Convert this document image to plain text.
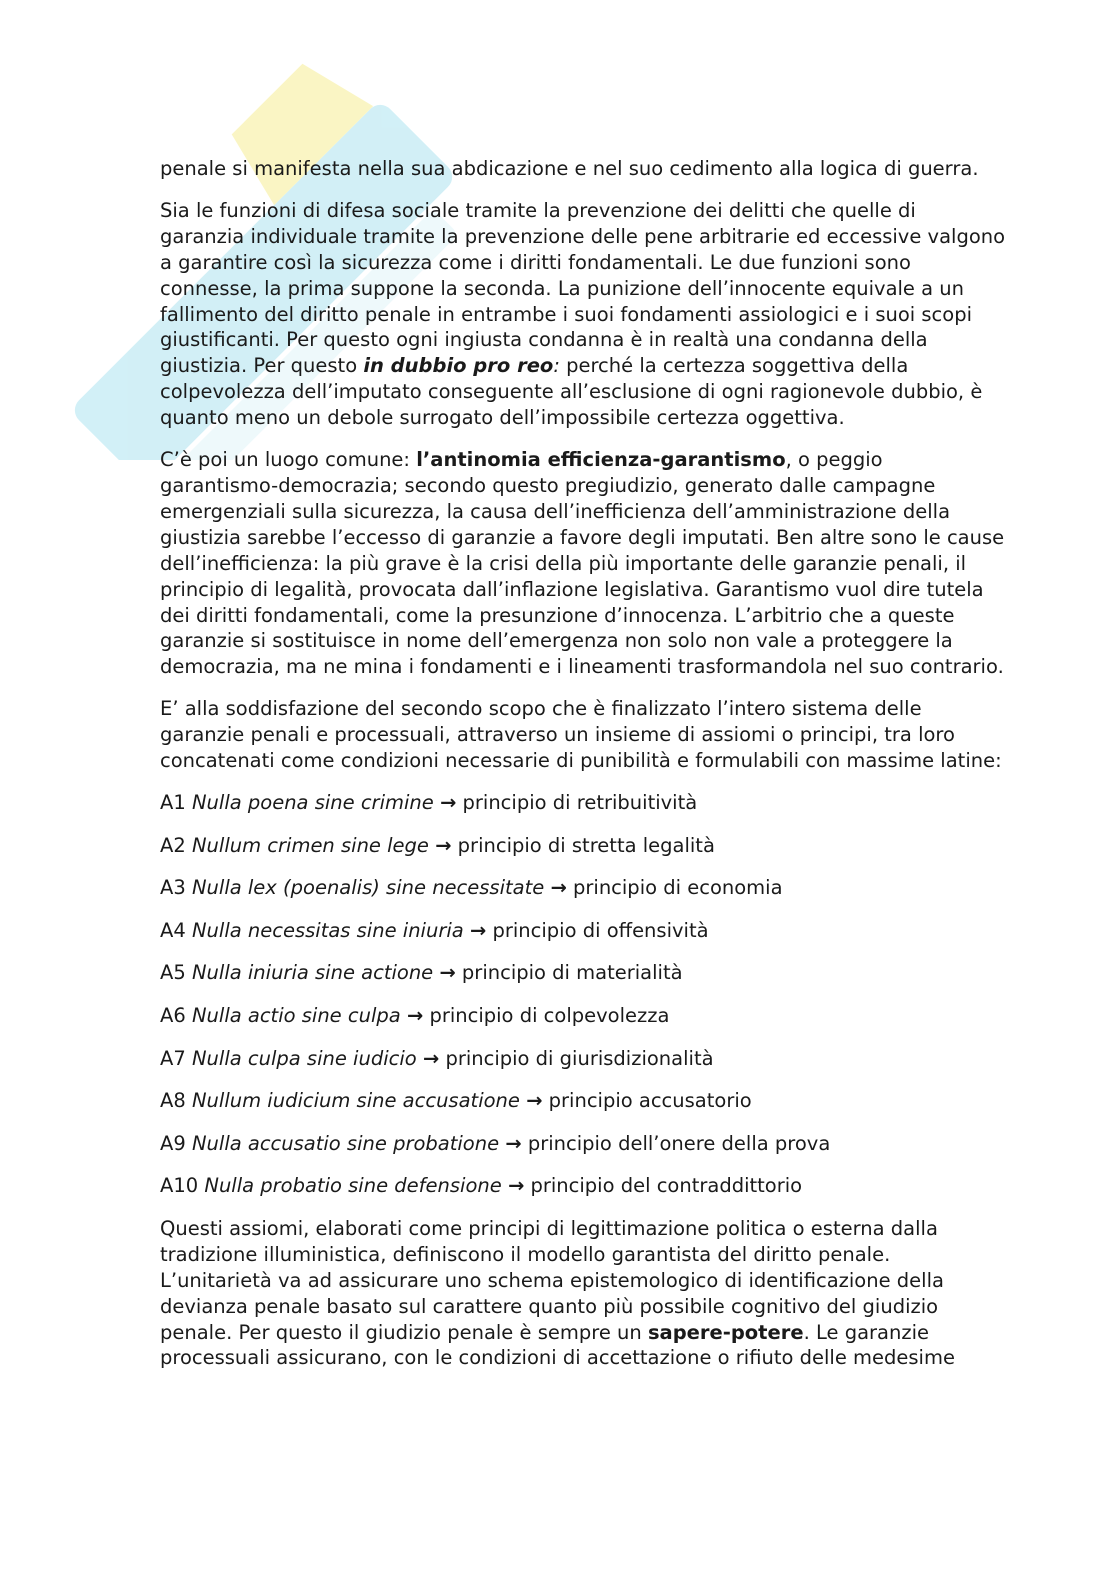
penale si manifesta nella sua abdicazione e nel suo cedimento alla logica di guerra.

Sia le funzioni di difesa sociale tramite la prevenzione dei delitti che quelle di garanzia individuale tramite la prevenzione delle pene arbitrarie ed eccessive valgono a garantire così la sicurezza come i diritti fondamentali. Le due funzioni sono connesse, la prima suppone la seconda. La punizione dell’innocente equivale a un fallimento del diritto penale in entrambe i suoi fondamenti assiologici e i suoi scopi giustificanti. Per questo ogni ingiusta condanna è in realtà una condanna della giustizia. Per questo in dubbio pro reo: perché la certezza soggettiva della colpevolezza dell’imputato conseguente all’esclusione di ogni ragionevole dubbio, è quanto meno un debole surrogato dell’impossibile certezza oggettiva.

C’è poi un luogo comune: l’antinomia efficienza-garantismo, o peggio garantismo-democrazia; secondo questo pregiudizio, generato dalle campagne emergenziali sulla sicurezza, la causa dell’inefficienza dell’amministrazione della giustizia sarebbe l’eccesso di garanzie a favore degli imputati. Ben altre sono le cause dell’inefficienza: la più grave è la crisi della più importante delle garanzie penali, il principio di legalità, provocata dall’inflazione legislativa. Garantismo vuol dire tutela dei diritti fondamentali, come la presunzione d’innocenza. L’arbitrio che a queste garanzie si sostituisce in nome dell’emergenza non solo non vale a proteggere la democrazia, ma ne mina i fondamenti e i lineamenti trasformandola nel suo contrario.

E’ alla soddisfazione del secondo scopo che è finalizzato l’intero sistema delle garanzie penali e processuali, attraverso un insieme di assiomi o principi, tra loro concatenati come condizioni necessarie di punibilità e formulabili con massime latine:

A1 Nulla poena sine crimine → principio di retribuitività

A2 Nullum crimen sine lege → principio di stretta legalità

A3 Nulla lex (poenalis) sine necessitate → principio di economia

A4 Nulla necessitas sine iniuria → principio di offensività

A5 Nulla iniuria sine actione → principio di materialità

A6 Nulla actio sine culpa → principio di colpevolezza

A7 Nulla culpa sine iudicio → principio di giurisdizionalità

A8 Nullum iudicium sine accusatione → principio accusatorio

A9 Nulla accusatio sine probatione → principio dell’onere della prova

A10 Nulla probatio sine defensione → principio del contraddittorio

Questi assiomi, elaborati come principi di legittimazione politica o esterna dalla tradizione illuministica, definiscono il modello garantista del diritto penale. L’unitarietà va ad assicurare uno schema epistemologico di identificazione della devianza penale basato sul carattere quanto più possibile cognitivo del giudizio penale. Per questo il giudizio penale è sempre un sapere-potere. Le garanzie processuali assicurano, con le condizioni di accettazione o rifiuto delle medesime
